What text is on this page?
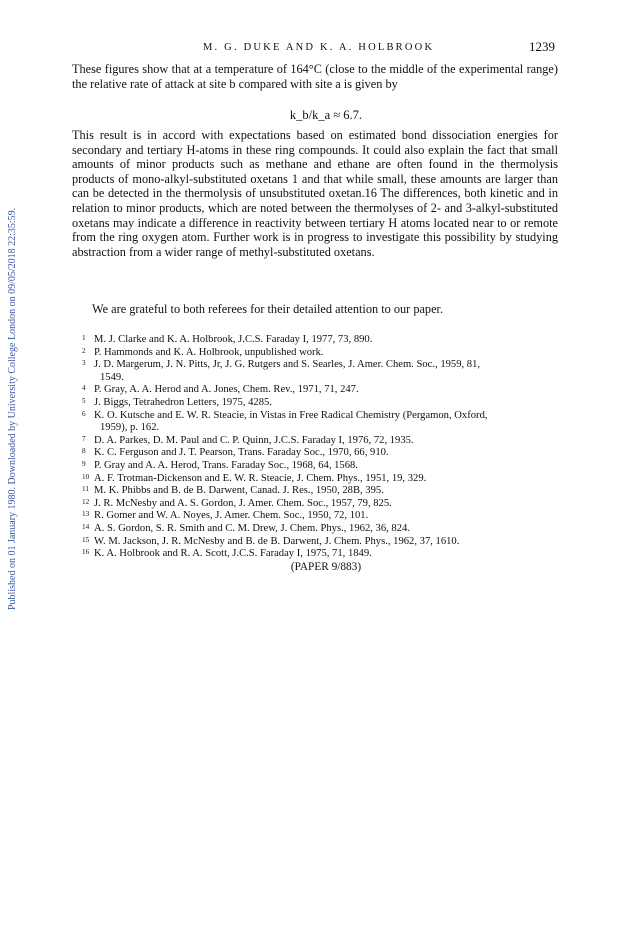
Published on 01 January 1980. Downloaded by University College London on 09/05/2018 22:35:59.
M. G. DUKE AND K. A. HOLBROOK	1239
These figures show that at a temperature of 164°C (close to the middle of the experimental range) the relative rate of attack at site b compared with site a is given by
k_b/k_a ≈ 6.7.
This result is in accord with expectations based on estimated bond dissociation energies for secondary and tertiary H-atoms in these ring compounds. It could also explain the fact that small amounts of minor products such as methane and ethane are often found in the thermolysis products of mono-alkyl-substituted oxetans 1 and that while small, these amounts are larger than can be detected in the thermolysis of unsubstituted oxetan.16 The differences, both kinetic and in relation to minor products, which are noted between the thermolyses of 2- and 3-alkyl-substituted oxetans may indicate a difference in reactivity between tertiary H atoms located near to or remote from the ring oxygen atom. Further work is in progress to investigate this possibility by studying abstraction from a wider range of methyl-substituted oxetans.
We are grateful to both referees for their detailed attention to our paper.
1 M. J. Clarke and K. A. Holbrook, J.C.S. Faraday I, 1977, 73, 890.
2 P. Hammonds and K. A. Holbrook, unpublished work.
3 J. D. Margerum, J. N. Pitts, Jr, J. G. Rutgers and S. Searles, J. Amer. Chem. Soc., 1959, 81,
1549.
4 P. Gray, A. A. Herod and A. Jones, Chem. Rev., 1971, 71, 247.
5 J. Biggs, Tetrahedron Letters, 1975, 4285.
6 K. O. Kutsche and E. W. R. Steacie, in Vistas in Free Radical Chemistry (Pergamon, Oxford,
1959), p. 162.
7 D. A. Parkes, D. M. Paul and C. P. Quinn, J.C.S. Faraday I, 1976, 72, 1935.
8 K. C. Ferguson and J. T. Pearson, Trans. Faraday Soc., 1970, 66, 910.
9 P. Gray and A. A. Herod, Trans. Faraday Soc., 1968, 64, 1568.
10 A. F. Trotman-Dickenson and E. W. R. Steacie, J. Chem. Phys., 1951, 19, 329.
11 M. K. Phibbs and B. de B. Darwent, Canad. J. Res., 1950, 28B, 395.
12 J. R. McNesby and A. S. Gordon, J. Amer. Chem. Soc., 1957, 79, 825.
13 R. Gomer and W. A. Noyes, J. Amer. Chem. Soc., 1950, 72, 101.
14 A. S. Gordon, S. R. Smith and C. M. Drew, J. Chem. Phys., 1962, 36, 824.
15 W. M. Jackson, J. R. McNesby and B. de B. Darwent, J. Chem. Phys., 1962, 37, 1610.
16 K. A. Holbrook and R. A. Scott, J.C.S. Faraday I, 1975, 71, 1849.
(PAPER 9/883)
